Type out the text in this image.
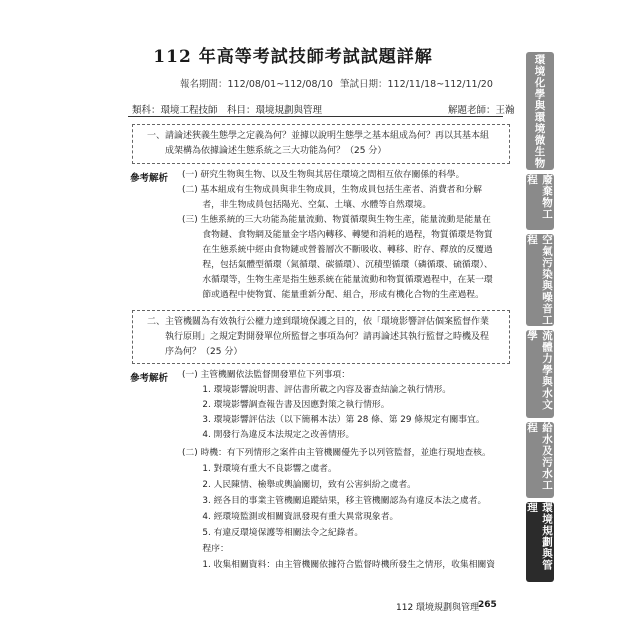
112 年高等考試技師考試試題詳解
報名期間：112/08/01~112/08/10 筆試日期：112/11/18~112/11/20
類科：環境工程技師　科目：環境規劃與管理	解題老師：王瀚
一、請論述狹義生態學之定義為何？並據以說明生態學之基本組成為何？再以其基本組
　　成架構為依據論述生態系統之三大功能為何？（25 分）
參考解析 (一) 研究生物與生物、以及生物與其居住環境之間相互依存關係的科學。
(二) 基本組成有生物成員與非生物成員，生物成員包括生產者、消費者和分解
　　 者，非生物成員包括陽光、空氣、土壤、水體等自然環境。
(三) 生態系統的三大功能為能量流動、物質循環與生物生產，能量流動是能量在
　　 食物鏈、食物網及能量金字塔內轉移、轉變和消耗的過程，物質循環是物質
　　 在生態系統中經由食物鏈或營養層次不斷吸收、轉移、貯存、釋放的反覆過
　　 程，包括氣體型循環（氮循環、碳循環）、沉積型循環（磷循環、硫循環）、
　　 水循環等，生物生產是指生態系統在能量流動和物質循環過程中，在某一環
　　 節或過程中使物質、能量重新分配、組合，形成有機化合物的生產過程。
二、主管機關為有效執行公權力達到環境保護之目的，依「環境影響評估個案監督作業
　　執行原則」之規定對開發單位所監督之事項為何？請再論述其執行監督之時機及程
　　序為何？（25 分）
參考解析 (一) 主管機關依法監督開發單位下列事項：
　　 1. 環境影響說明書、評估書所載之內容及審查結論之執行情形。
　　 2. 環境影響調查報告書及因應對策之執行情形。
　　 3. 環境影響評估法（以下簡稱本法）第 28 條、第 29 條規定有關事宜。
　　 4. 開發行為違反本法規定之改善情形。
(二) 時機：有下列情形之案件由主管機關優先予以列管監督，並進行現地查核。
　　 1. 對環境有重大不良影響之虞者。
　　 2. 人民陳情、檢舉或輿論關切，致有公害糾紛之虞者。
　　 3. 經各目的事業主管機關追蹤結果，移主管機關認為有違反本法之虞者。
　　 4. 經環境監測或相關資訊發現有重大異常現象者。
　　 5. 有違反環境保護等相關法令之紀錄者。
　　 程序：
　　 1. 收集相關資料：由主管機關依據符合監督時機所發生之情形，收集相關資
環境化學與環境微生物
廢棄物工程
空氣污染與噪音工程
流體力學與水文學
給水及污水工程
環境規劃與管理
112 環境規劃與管理
265
